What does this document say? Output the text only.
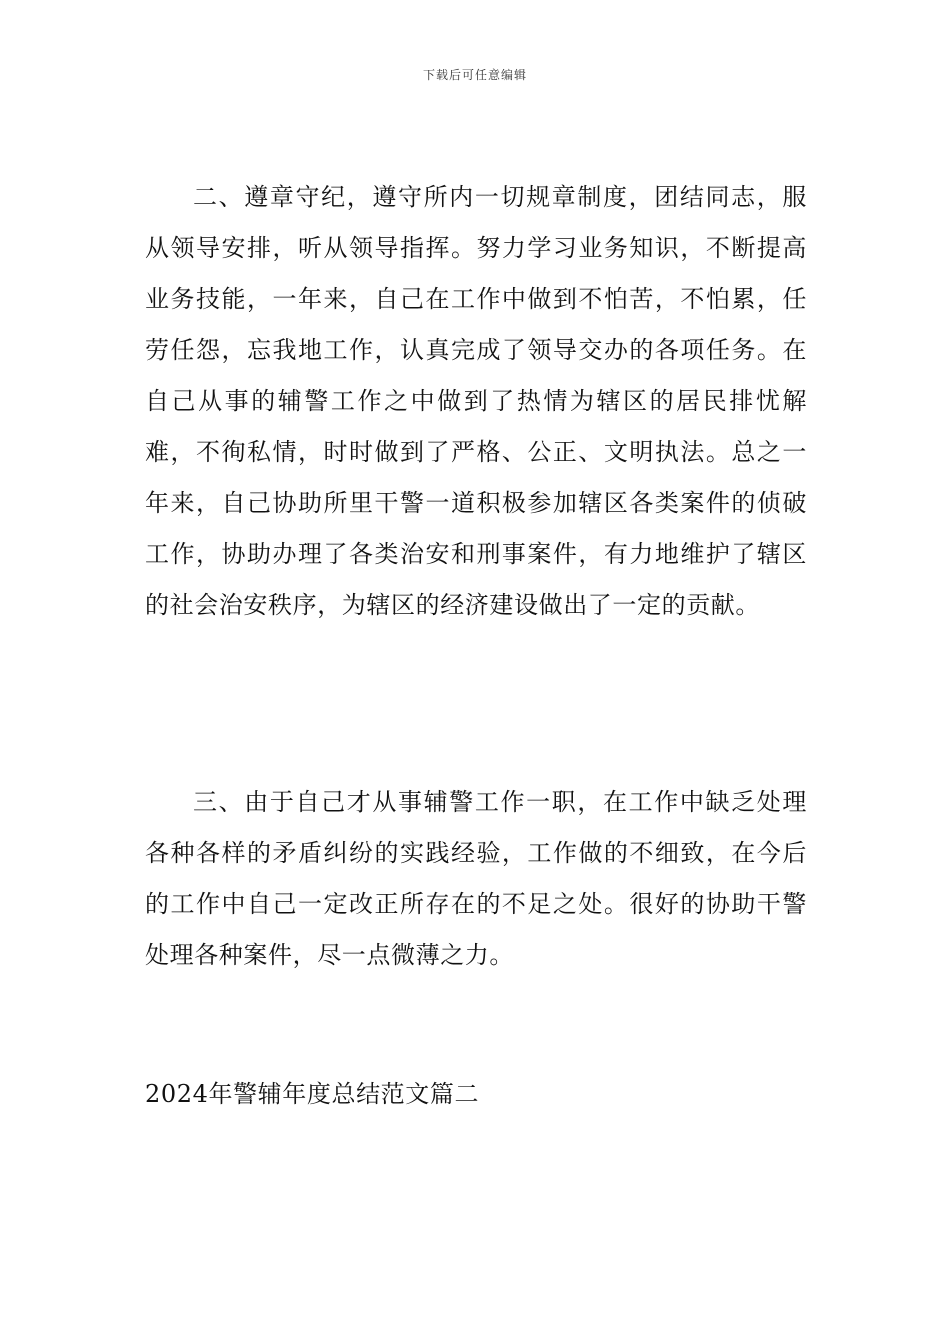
下载后可任意编辑

二、遵章守纪，遵守所内一切规章制度，团结同志，服从领导安排，听从领导指挥。努力学习业务知识，不断提高业务技能，一年来，自己在工作中做到不怕苦，不怕累，任劳任怨，忘我地工作，认真完成了领导交办的各项任务。在自己从事的辅警工作之中做到了热情为辖区的居民排忧解难，不徇私情，时时做到了严格、公正、文明执法。总之一年来，自己协助所里干警一道积极参加辖区各类案件的侦破工作，协助办理了各类治安和刑事案件，有力地维护了辖区的社会治安秩序，为辖区的经济建设做出了一定的贡献。

三、由于自己才从事辅警工作一职，在工作中缺乏处理各种各样的矛盾纠纷的实践经验，工作做的不细致，在今后的工作中自己一定改正所存在的不足之处。很好的协助干警处理各种案件，尽一点微薄之力。

2024年警辅年度总结范文篇二
